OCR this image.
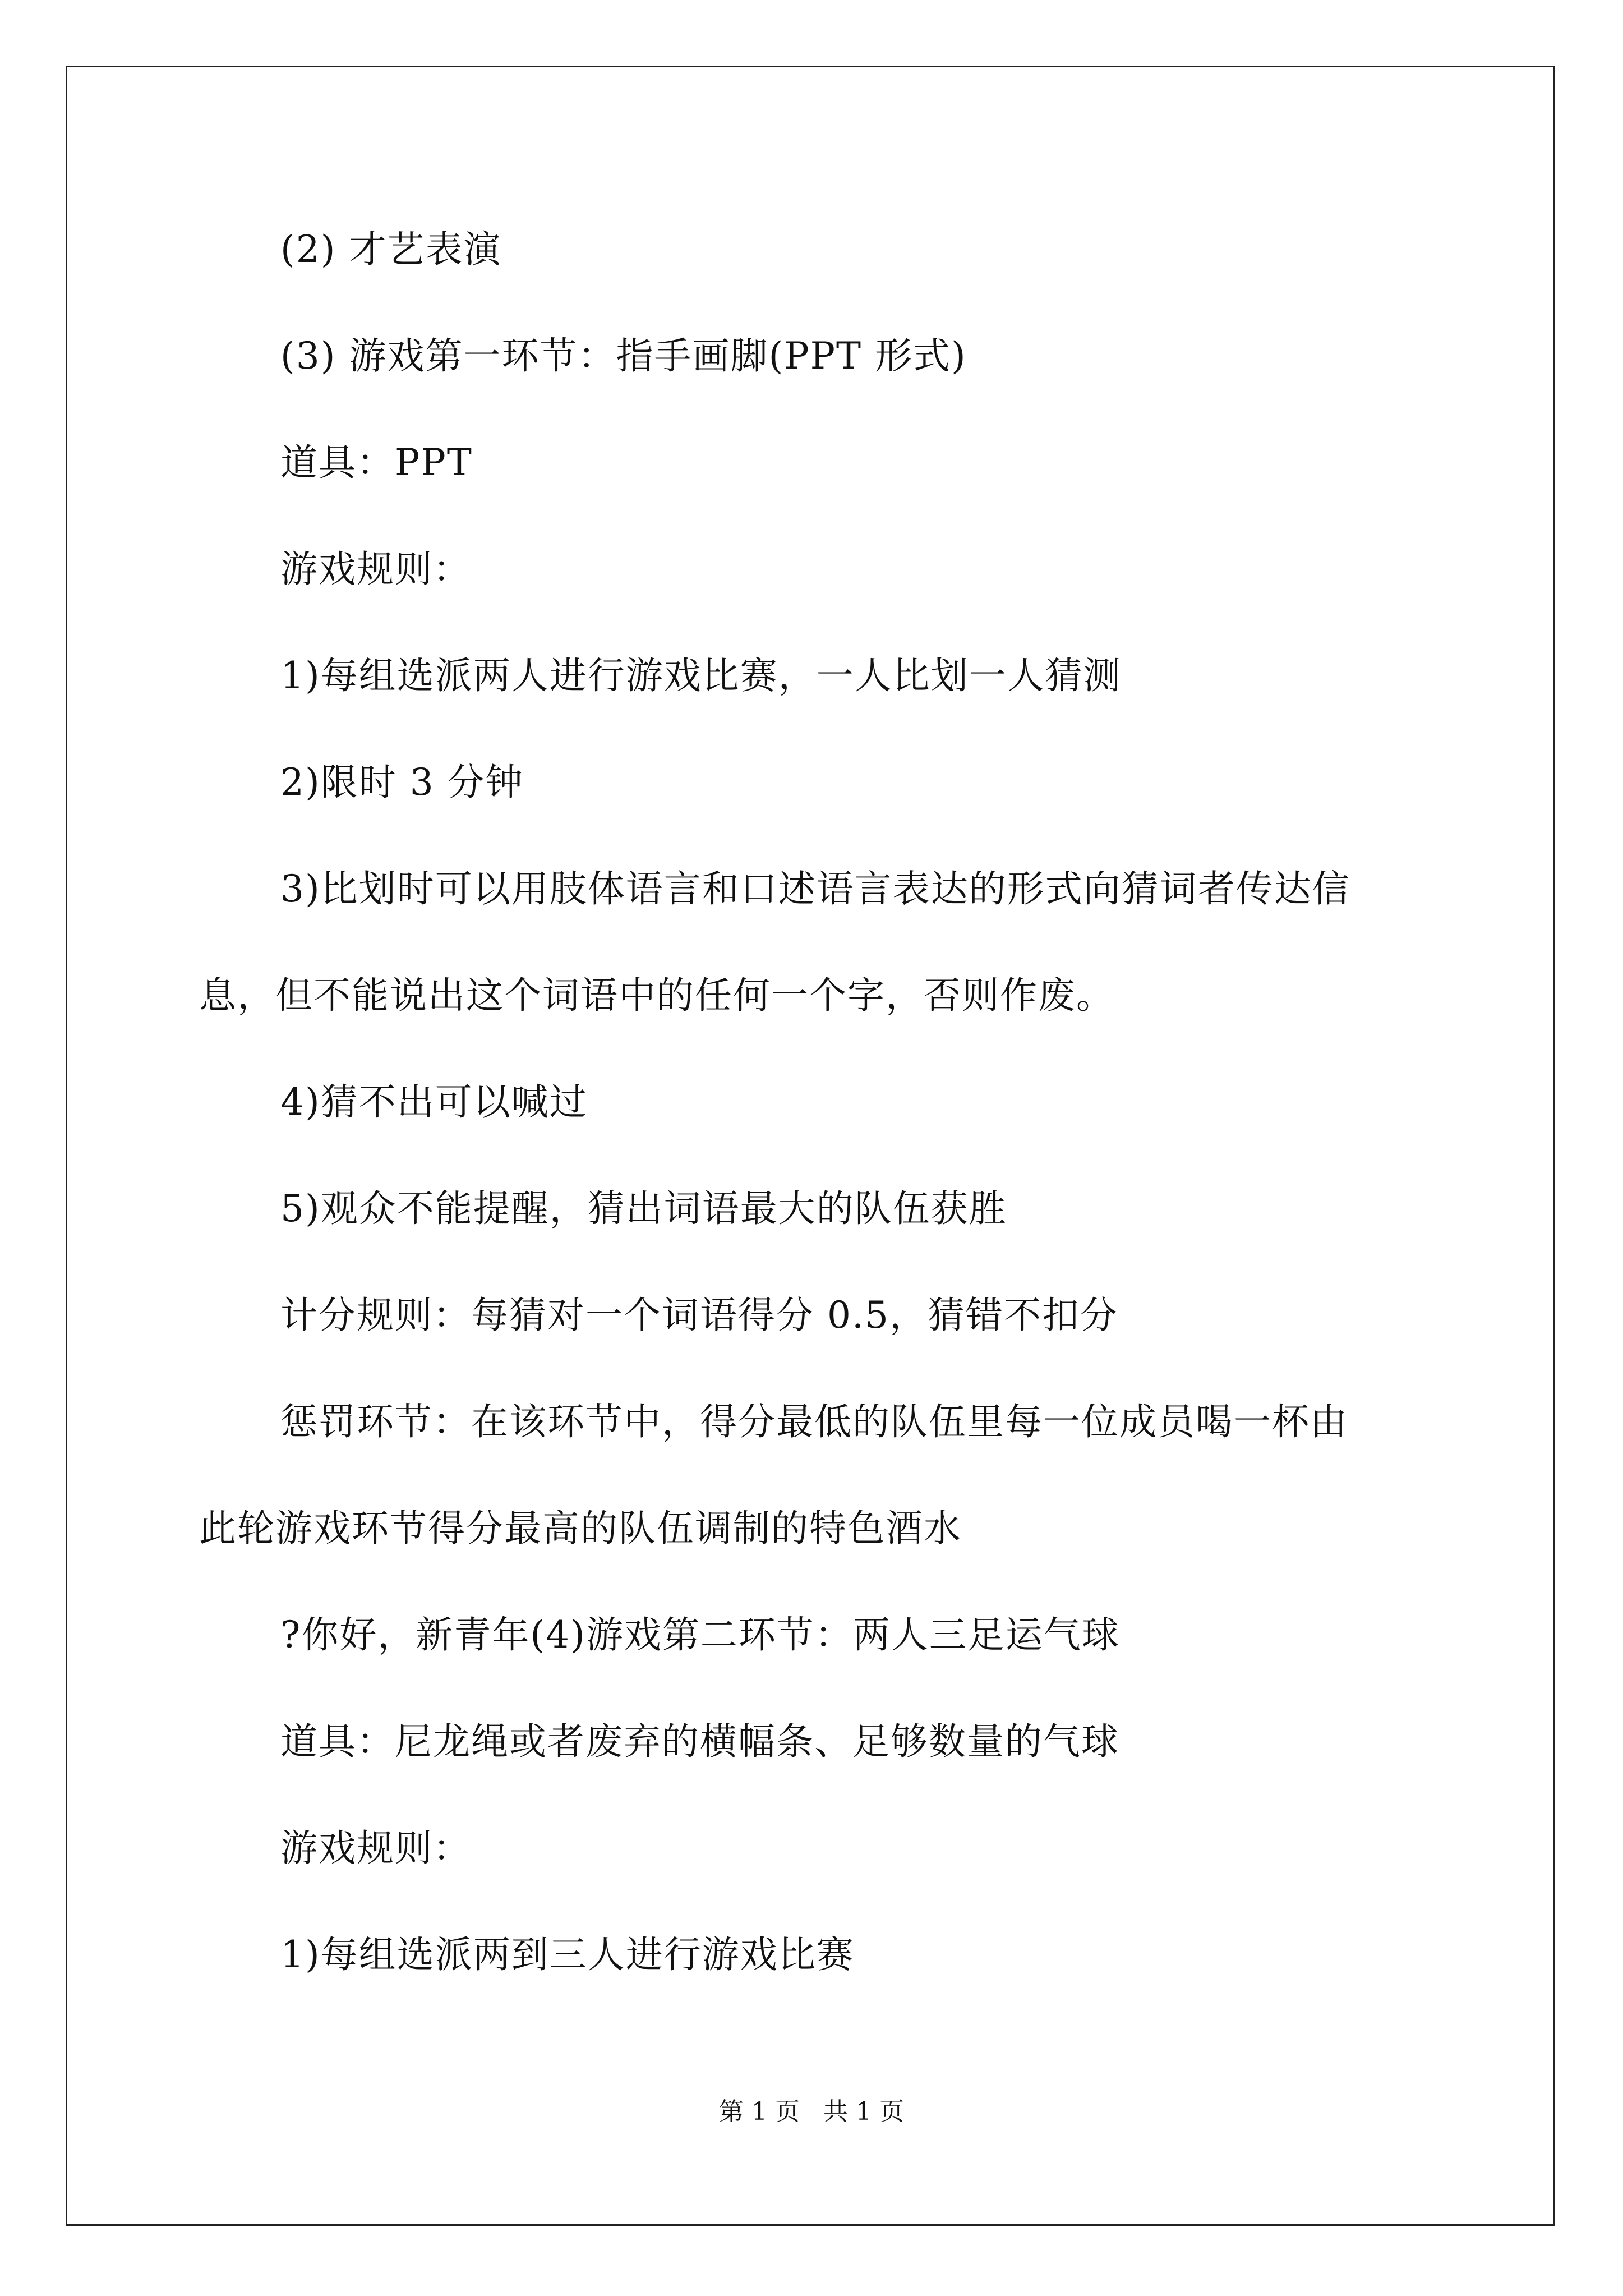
(2) 才艺表演
(3) 游戏第一环节：指手画脚(PPT 形式)
道具：PPT
游戏规则：
1)每组选派两人进行游戏比赛，一人比划一人猜测
2)限时 3 分钟
3)比划时可以用肢体语言和口述语言表达的形式向猜词者传达信
息，但不能说出这个词语中的任何一个字，否则作废。
4)猜不出可以喊过
5)观众不能提醒，猜出词语最大的队伍获胜
计分规则：每猜对一个词语得分 0.5，猜错不扣分
惩罚环节：在该环节中，得分最低的队伍里每一位成员喝一杯由
此轮游戏环节得分最高的队伍调制的特色酒水
?你好，新青年(4)游戏第二环节：两人三足运气球
道具：尼龙绳或者废弃的横幅条、足够数量的气球
游戏规则：
1)每组选派两到三人进行游戏比赛
第 1 页   共 1 页
